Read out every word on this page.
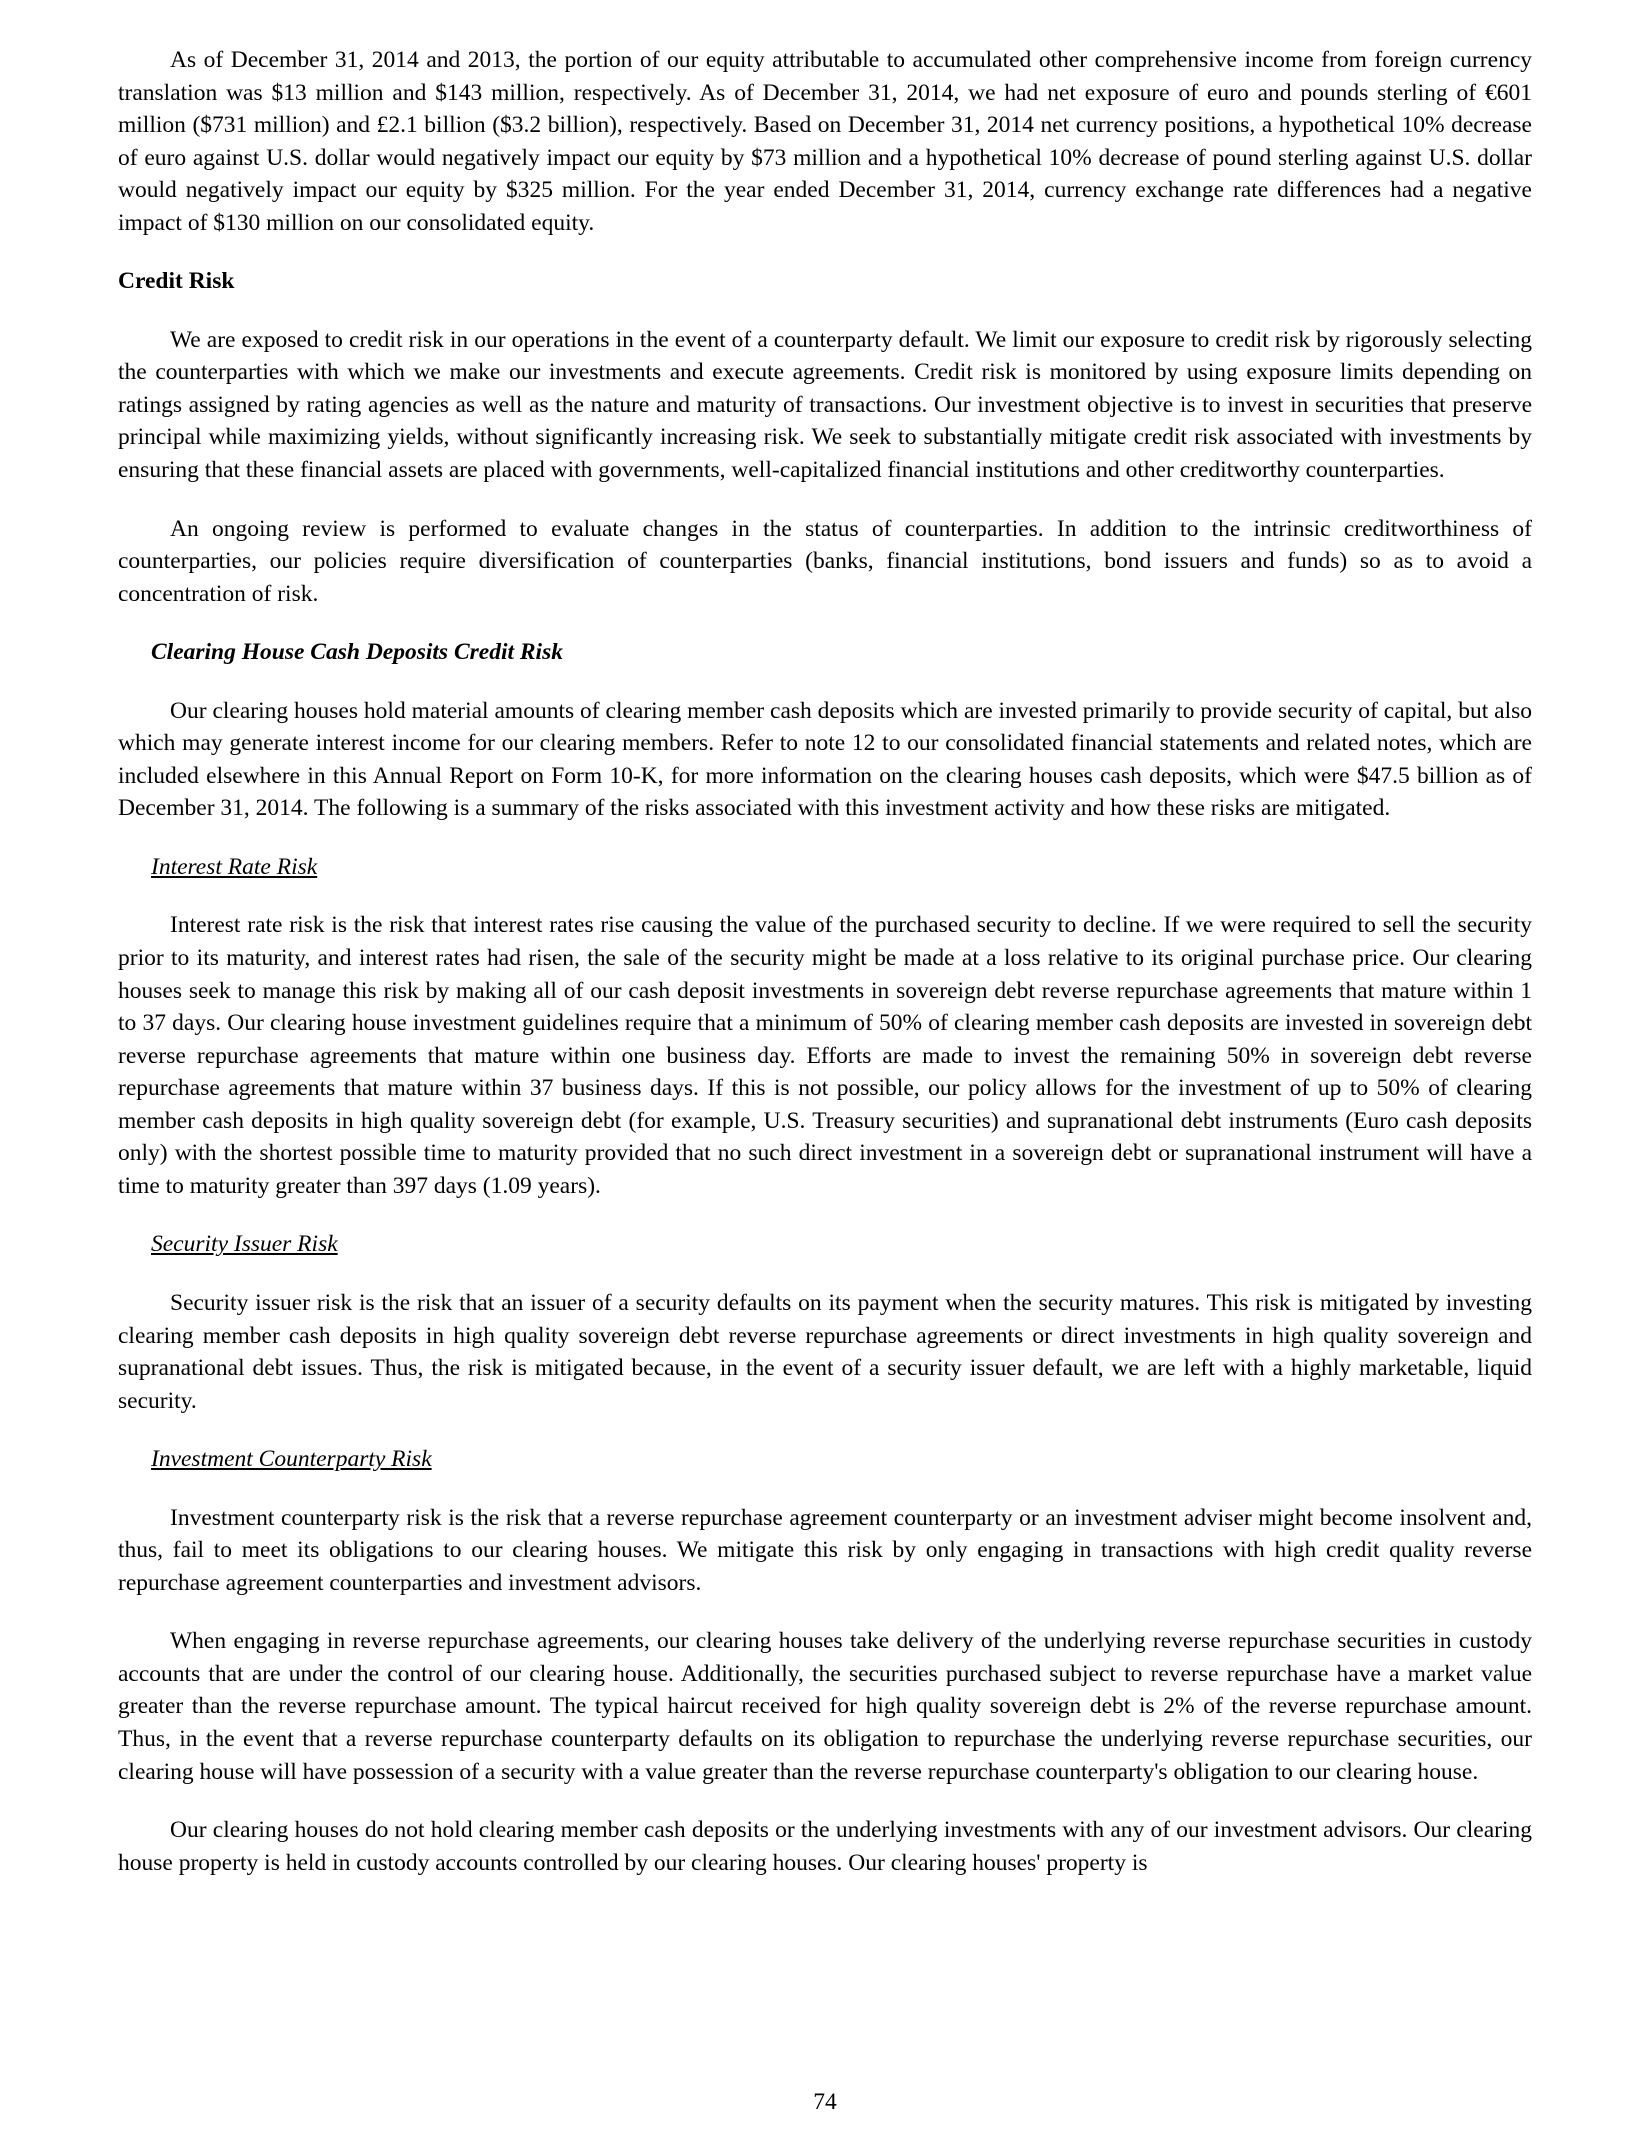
As of December 31, 2014 and 2013, the portion of our equity attributable to accumulated other comprehensive income from foreign currency translation was $13 million and $143 million, respectively. As of December 31, 2014, we had net exposure of euro and pounds sterling of €601 million ($731 million) and £2.1 billion ($3.2 billion), respectively. Based on December 31, 2014 net currency positions, a hypothetical 10% decrease of euro against U.S. dollar would negatively impact our equity by $73 million and a hypothetical 10% decrease of pound sterling against U.S. dollar would negatively impact our equity by $325 million. For the year ended December 31, 2014, currency exchange rate differences had a negative impact of $130 million on our consolidated equity.

Credit Risk

We are exposed to credit risk in our operations in the event of a counterparty default. We limit our exposure to credit risk by rigorously selecting the counterparties with which we make our investments and execute agreements. Credit risk is monitored by using exposure limits depending on ratings assigned by rating agencies as well as the nature and maturity of transactions. Our investment objective is to invest in securities that preserve principal while maximizing yields, without significantly increasing risk. We seek to substantially mitigate credit risk associated with investments by ensuring that these financial assets are placed with governments, well-capitalized financial institutions and other creditworthy counterparties.

An ongoing review is performed to evaluate changes in the status of counterparties. In addition to the intrinsic creditworthiness of counterparties, our policies require diversification of counterparties (banks, financial institutions, bond issuers and funds) so as to avoid a concentration of risk.

Clearing House Cash Deposits Credit Risk

Our clearing houses hold material amounts of clearing member cash deposits which are invested primarily to provide security of capital, but also which may generate interest income for our clearing members. Refer to note 12 to our consolidated financial statements and related notes, which are included elsewhere in this Annual Report on Form 10-K, for more information on the clearing houses cash deposits, which were $47.5 billion as of December 31, 2014. The following is a summary of the risks associated with this investment activity and how these risks are mitigated.

Interest Rate Risk

Interest rate risk is the risk that interest rates rise causing the value of the purchased security to decline. If we were required to sell the security prior to its maturity, and interest rates had risen, the sale of the security might be made at a loss relative to its original purchase price. Our clearing houses seek to manage this risk by making all of our cash deposit investments in sovereign debt reverse repurchase agreements that mature within 1 to 37 days. Our clearing house investment guidelines require that a minimum of 50% of clearing member cash deposits are invested in sovereign debt reverse repurchase agreements that mature within one business day. Efforts are made to invest the remaining 50% in sovereign debt reverse repurchase agreements that mature within 37 business days. If this is not possible, our policy allows for the investment of up to 50% of clearing member cash deposits in high quality sovereign debt (for example, U.S. Treasury securities) and supranational debt instruments (Euro cash deposits only) with the shortest possible time to maturity provided that no such direct investment in a sovereign debt or supranational instrument will have a time to maturity greater than 397 days (1.09 years).

Security Issuer Risk

Security issuer risk is the risk that an issuer of a security defaults on its payment when the security matures. This risk is mitigated by investing clearing member cash deposits in high quality sovereign debt reverse repurchase agreements or direct investments in high quality sovereign and supranational debt issues. Thus, the risk is mitigated because, in the event of a security issuer default, we are left with a highly marketable, liquid security.

Investment Counterparty Risk

Investment counterparty risk is the risk that a reverse repurchase agreement counterparty or an investment adviser might become insolvent and, thus, fail to meet its obligations to our clearing houses. We mitigate this risk by only engaging in transactions with high credit quality reverse repurchase agreement counterparties and investment advisors.

When engaging in reverse repurchase agreements, our clearing houses take delivery of the underlying reverse repurchase securities in custody accounts that are under the control of our clearing house. Additionally, the securities purchased subject to reverse repurchase have a market value greater than the reverse repurchase amount. The typical haircut received for high quality sovereign debt is 2% of the reverse repurchase amount. Thus, in the event that a reverse repurchase counterparty defaults on its obligation to repurchase the underlying reverse repurchase securities, our clearing house will have possession of a security with a value greater than the reverse repurchase counterparty's obligation to our clearing house.

Our clearing houses do not hold clearing member cash deposits or the underlying investments with any of our investment advisors. Our clearing house property is held in custody accounts controlled by our clearing houses. Our clearing houses' property is

74
